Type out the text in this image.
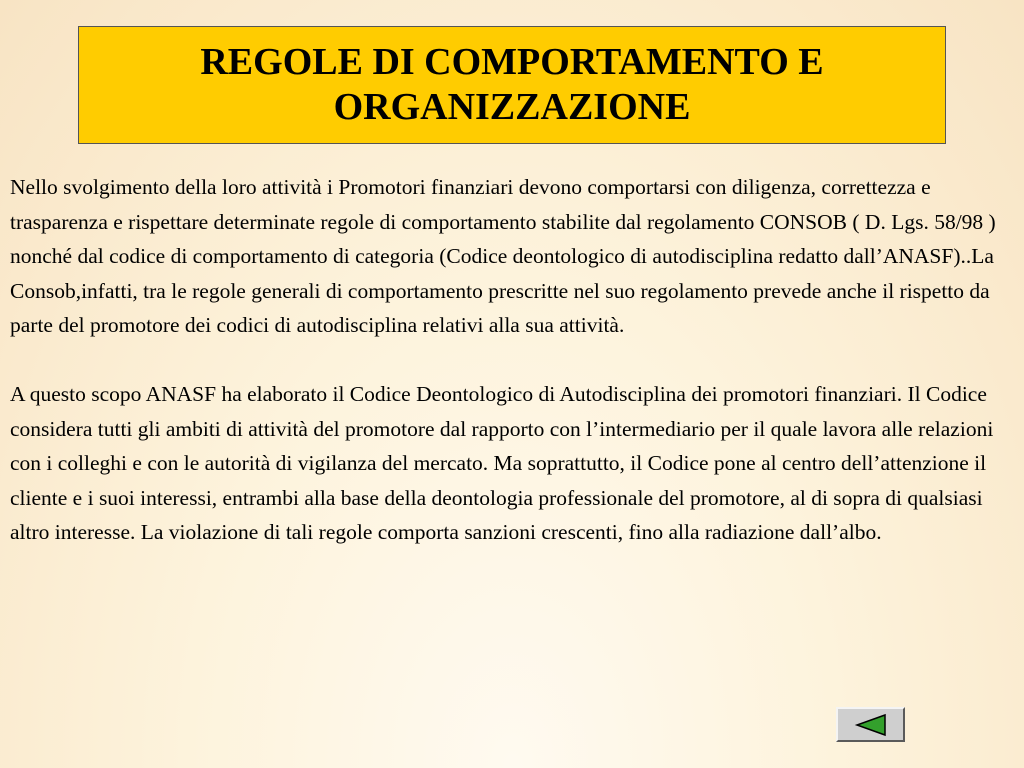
REGOLE DI COMPORTAMENTO E ORGANIZZAZIONE

Nello svolgimento della loro attività i Promotori finanziari devono comportarsi con diligenza, correttezza e trasparenza e rispettare determinate regole di comportamento stabilite dal regolamento CONSOB ( D. Lgs. 58/98 ) nonché dal codice di comportamento di categoria (Codice deontologico di autodisciplina redatto dall’ANASF)..La Consob,infatti, tra le regole generali di comportamento prescritte nel suo regolamento prevede anche il rispetto da parte del promotore dei codici di autodisciplina relativi alla sua attività.

A questo scopo ANASF ha elaborato il Codice Deontologico di Autodisciplina dei promotori finanziari. Il Codice considera tutti gli ambiti di attività del promotore dal rapporto con l’intermediario per il quale lavora alle relazioni con i colleghi e con le autorità di vigilanza del mercato. Ma soprattutto, il Codice pone al centro dell’attenzione il cliente e i suoi interessi, entrambi alla base della deontologia professionale del promotore, al di sopra di qualsiasi altro interesse. La violazione di tali regole comporta sanzioni crescenti, fino alla radiazione dall’albo.
